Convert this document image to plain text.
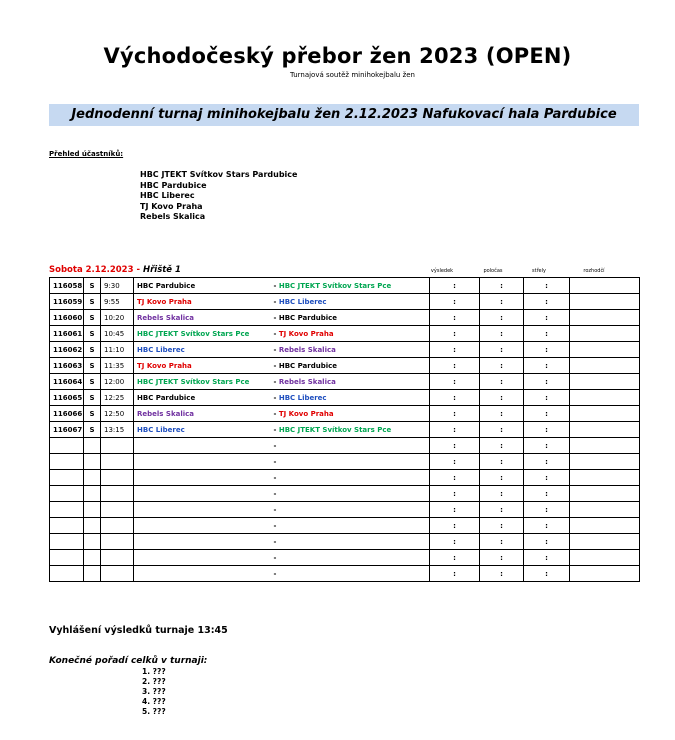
Východočeský přebor žen 2023 (OPEN)
Turnajová soutěž minihokejbalu žen
Jednodenní turnaj minihokejbalu žen 2.12.2023 Nafukovací hala Pardubice
Přehled účastníků:
HBC JTEKT Svítkov Stars Pardubice
HBC Pardubice
HBC Liberec
TJ Kovo Praha
Rebels Skalica
Sobota 2.12.2023 - Hřiště 1	výsledek	poločas	střely	rozhodčí
116058	S	9:30	HBC Pardubice	- HBC JTEKT Svítkov Stars Pce	:	:	:	
116059	S	9:55	TJ Kovo Praha	- HBC Liberec	:	:	:	
116060	S	10:20	Rebels Skalica	- HBC Pardubice	:	:	:	
116061	S	10:45	HBC JTEKT Svítkov Stars Pce	- TJ Kovo Praha	:	:	:	
116062	S	11:10	HBC Liberec	- Rebels Skalica	:	:	:	
116063	S	11:35	TJ Kovo Praha	- HBC Pardubice	:	:	:	
116064	S	12:00	HBC JTEKT Svítkov Stars Pce	- Rebels Skalica	:	:	:	
116065	S	12:25	HBC Pardubice	- HBC Liberec	:	:	:	
116066	S	12:50	Rebels Skalica	- TJ Kovo Praha	:	:	:	
116067	S	13:15	HBC Liberec	- HBC JTEKT Svítkov Stars Pce	:	:	:	
				-	:	:	:	
				-	:	:	:	
				-	:	:	:	
				-	:	:	:	
				-	:	:	:	
				-	:	:	:	
				-	:	:	:	
				-	:	:	:	
				-	:	:	:	
Vyhlášení výsledků turnaje 13:45
Konečné pořadí celků v turnaji:
1. ???
2. ???
3. ???
4. ???
5. ???
